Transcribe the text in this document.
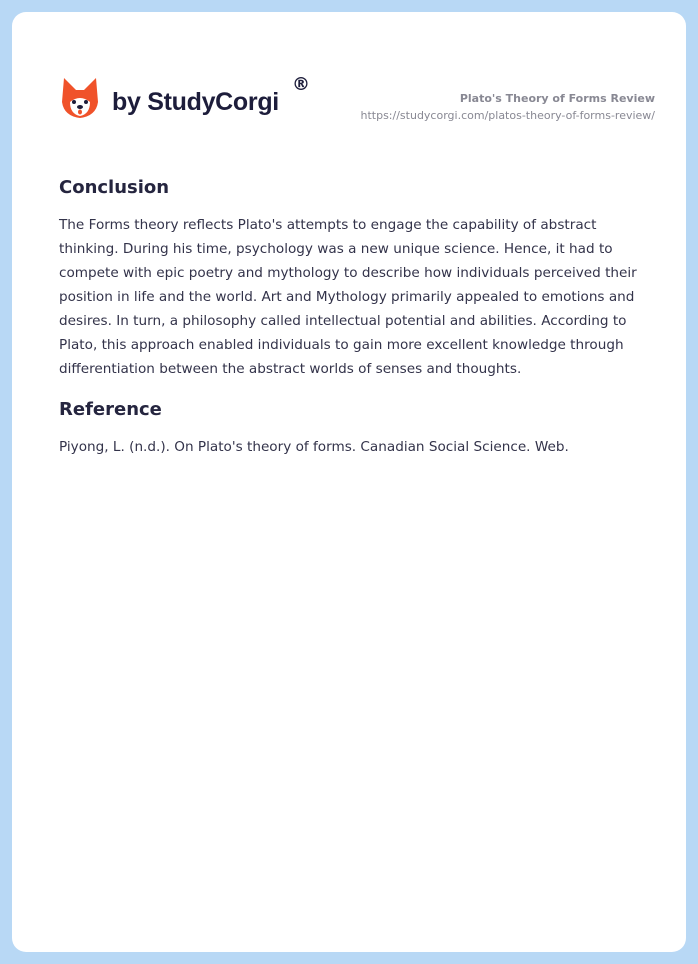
by StudyCorgi
®
Plato's Theory of Forms Review
https://studycorgi.com/platos-theory-of-forms-review/
Conclusion

The Forms theory reflects Plato's attempts to engage the capability of abstract thinking. During his time, psychology was a new unique science. Hence, it had to compete with epic poetry and mythology to describe how individuals perceived their position in life and the world. Art and Mythology primarily appealed to emotions and desires. In turn, a philosophy called intellectual potential and abilities. According to Plato, this approach enabled individuals to gain more excellent knowledge through differentiation between the abstract worlds of senses and thoughts.

Reference

Piyong, L. (n.d.). On Plato's theory of forms. Canadian Social Science. Web.
